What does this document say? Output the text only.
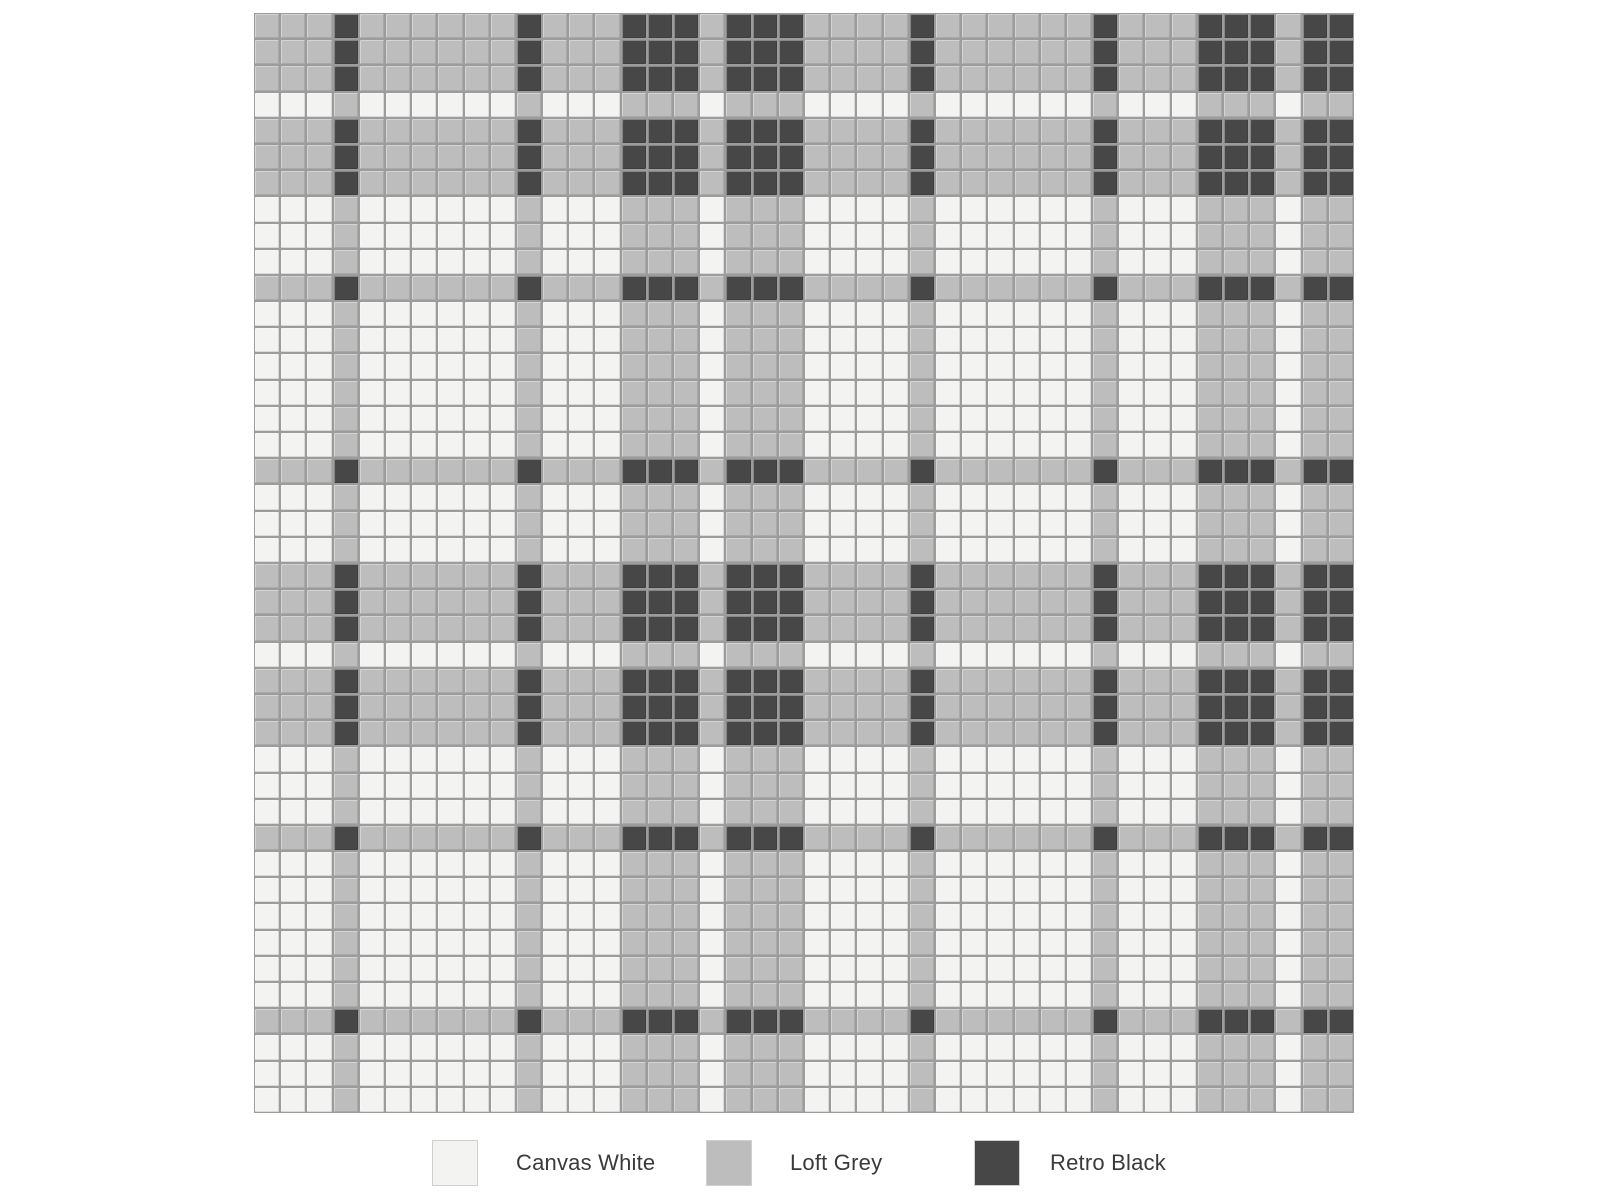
Canvas White	Loft Grey	Retro Black
